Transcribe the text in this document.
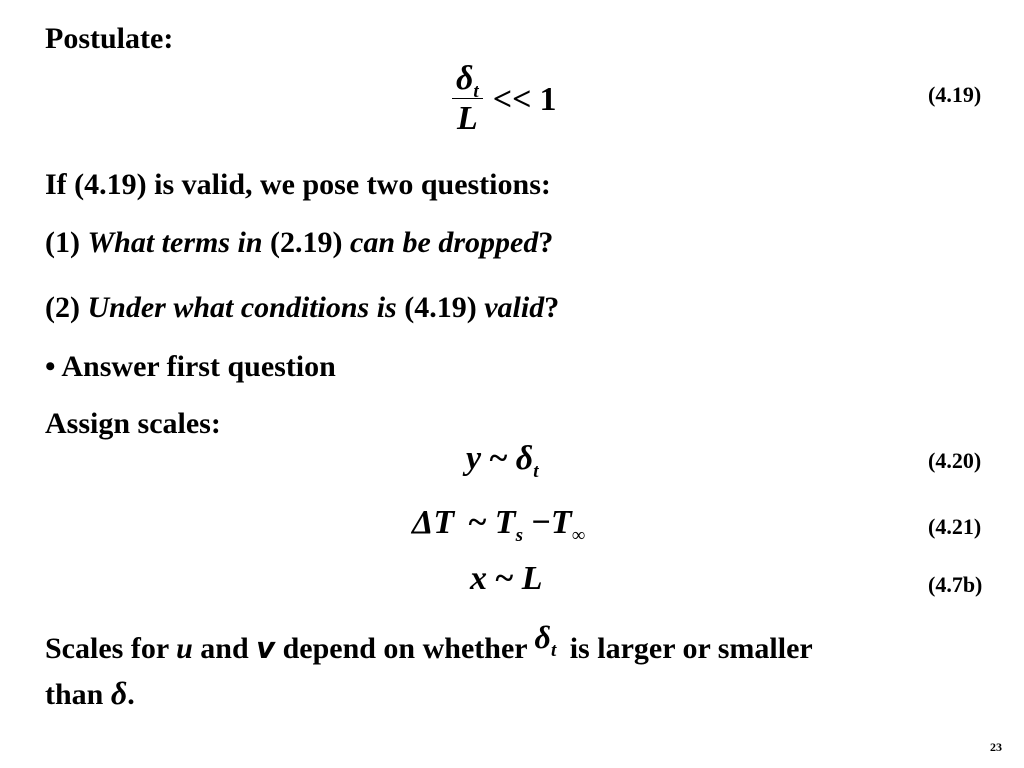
Postulate:
$\frac{\delta_t}{L} << 1$	(4.19)
If (4.19) is valid, we pose two questions:
(1) What terms in (2.19) can be dropped?
(2) Under what conditions is (4.19) valid?
• Answer first question
Assign scales:
y ~ $\delta_t$	(4.20)
ΔT ~ $T_s -T_\infty$	(4.21)
x ~ L	(4.7b)
Scales for u and v depend on whether $\delta_t$ is larger or smaller
than δ.
23
